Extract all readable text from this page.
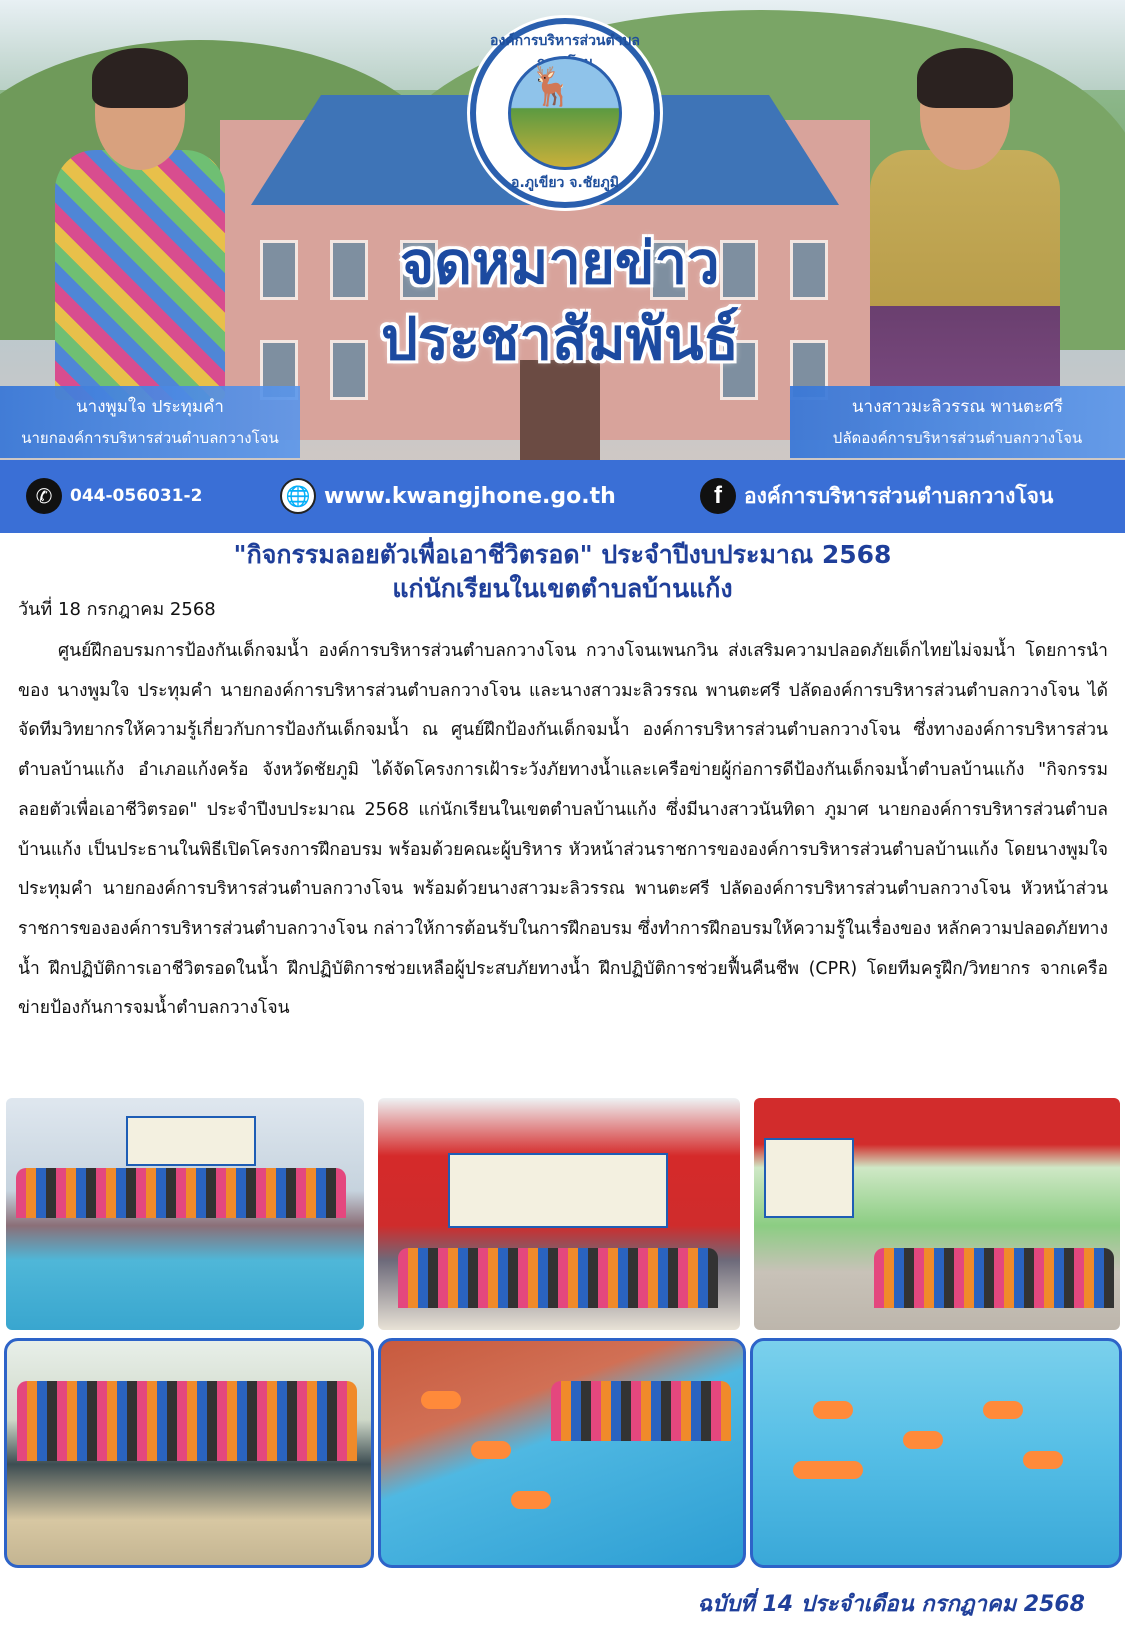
องค์การบริหารส่วนตำบล
🦌
อ.ภูเขียว จ.ชัยภูมิ
จดหมายข่าว
ประชาสัมพันธ์
นางพูมใจ ประทุมคำ
นายกองค์การบริหารส่วนตำบลกวางโจน
นางสาวมะลิวรรณ พานตะศรี
ปลัดองค์การบริหารส่วนตำบลกวางโจน
✆	044-056031-2	🌐 www.kwangjhone.go.th	f	องค์การบริหารส่วนตำบลกวางโจน
"กิจกรรมลอยตัวเพื่อเอาชีวิตรอด" ประจำปีงบประมาณ 2568
แก่นักเรียนในเขตตำบลบ้านแก้ง
วันที่ 18 กรกฎาคม 2568
ศูนย์ฝึกอบรมการป้องกันเด็กจมน้ำ องค์การบริหารส่วนตำบลกวางโจน กวางโจนเพนกวิน ส่งเสริมความปลอดภัยเด็กไทยไม่จมน้ำ โดยการนำของ นางพูมใจ ประทุมคำ นายกองค์การบริหารส่วนตำบลกวางโจน และนางสาวมะลิวรรณ พานตะศรี ปลัดองค์การบริหารส่วนตำบลกวางโจน ได้จัดทีมวิทยากรให้ความรู้เกี่ยวกับการป้องกันเด็กจมน้ำ ณ ศูนย์ฝึกป้องกันเด็กจมน้ำ องค์การบริหารส่วนตำบลกวางโจน ซึ่งทางองค์การบริหารส่วนตำบลบ้านแก้ง อำเภอแก้งคร้อ จังหวัดชัยภูมิ ได้จัดโครงการเฝ้าระวังภัยทางน้ำและเครือข่ายผู้ก่อการดีป้องกันเด็กจมน้ำตำบลบ้านแก้ง "กิจกรรมลอยตัวเพื่อเอาชีวิตรอด" ประจำปีงบประมาณ 2568 แก่นักเรียนในเขตตำบลบ้านแก้ง ซึ่งมีนางสาวนันทิดา ภูมาศ นายกองค์การบริหารส่วนตำบลบ้านแก้ง เป็นประธานในพิธีเปิดโครงการฝึกอบรม พร้อมด้วยคณะผู้บริหาร หัวหน้าส่วนราชการขององค์การบริหารส่วนตำบลบ้านแก้ง โดยนางพูมใจ ประทุมคำ นายกองค์การบริหารส่วนตำบลกวางโจน พร้อมด้วยนางสาวมะลิวรรณ พานตะศรี ปลัดองค์การบริหารส่วนตำบลกวางโจน หัวหน้าส่วนราชการขององค์การบริหารส่วนตำบลกวางโจน กล่าวให้การต้อนรับในการฝึกอบรม ซึ่งทำการฝึกอบรมให้ความรู้ในเรื่องของ หลักความปลอดภัยทางน้ำ ฝึกปฏิบัติการเอาชีวิตรอดในน้ำ ฝึกปฏิบัติการช่วยเหลือผู้ประสบภัยทางน้ำ ฝึกปฏิบัติการช่วยฟื้นคืนชีพ (CPR) โดยทีมครูฝึก/วิทยากร จากเครือข่ายป้องกันการจมน้ำตำบลกวางโจน
ฉบับที่ 14 ประจำเดือน กรกฎาคม 2568
